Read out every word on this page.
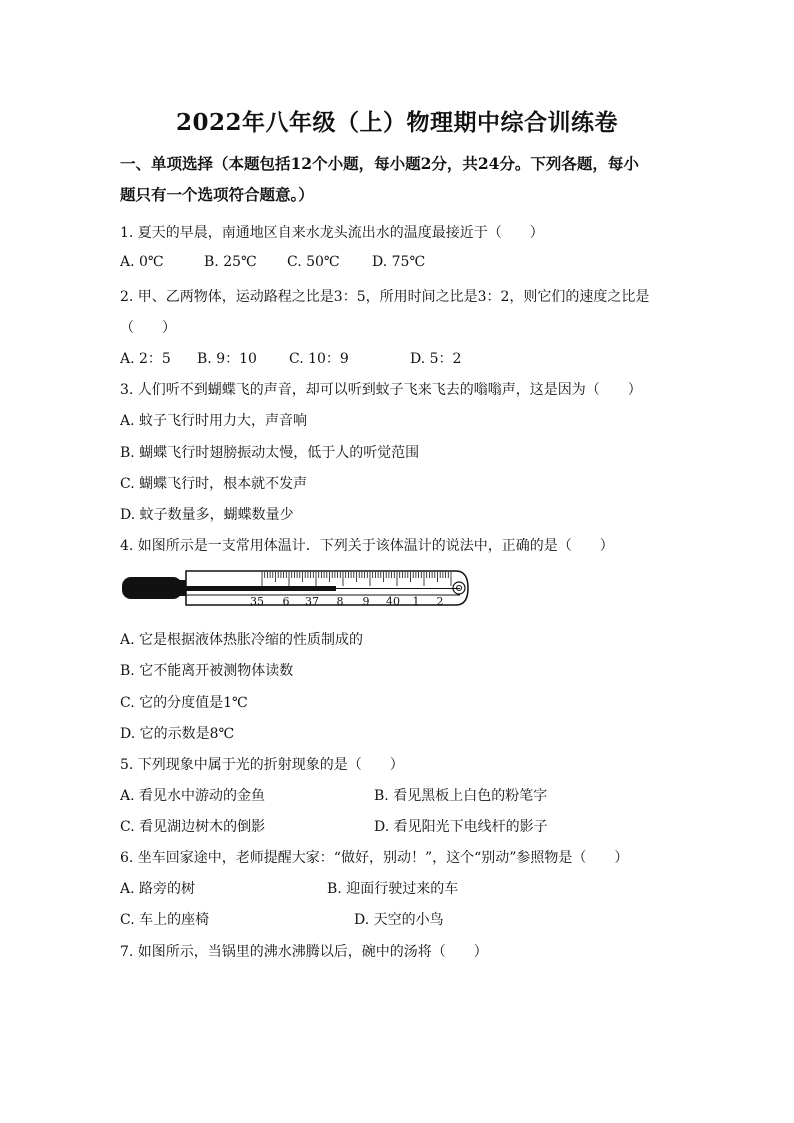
2022年八年级（上）物理期中综合训练卷
一、单项选择（本题包括12个小题，每小题2分，共24分。下列各题，每小
题只有一个选项符合题意。）
1. 夏天的早晨，南通地区自来水龙头流出水的温度最接近于（　　）
A. 0℃	B. 25℃ C. 50℃ D. 75℃
2. 甲、乙两物体，运动路程之比是3：5，所用时间之比是3：2，则它们的速度之比是
（　　）
A. 2：5 B. 9：10 C. 10：9	D. 5：2
3. 人们听不到蝴蝶飞的声音，却可以听到蚊子飞来飞去的嗡嗡声，这是因为（　　）
A. 蚊子飞行时用力大，声音响
B. 蝴蝶飞行时翅膀振动太慢，低于人的听觉范围
C. 蝴蝶飞行时，根本就不发声
D. 蚊子数量多，蝴蝶数量少
4. 如图所示是一支常用体温计．下列关于该体温计的说法中，正确的是（　　）
35 6 37 8 9 40 1 2
A. 它是根据液体热胀冷缩的性质制成的
B. 它不能离开被测物体读数
C. 它的分度值是1℃
D. 它的示数是8℃
5. 下列现象中属于光的折射现象的是（　　）
A. 看见水中游动的金鱼	B. 看见黑板上白色的粉笔字
C. 看见湖边树木的倒影	D. 看见阳光下电线杆的影子
6. 坐车回家途中，老师提醒大家：“做好，别动！”，这个“别动”参照物是（　　）
A. 路旁的树	B. 迎面行驶过来的车
C. 车上的座椅	D. 天空的小鸟
7. 如图所示，当锅里的沸水沸腾以后，碗中的汤将（　　）
